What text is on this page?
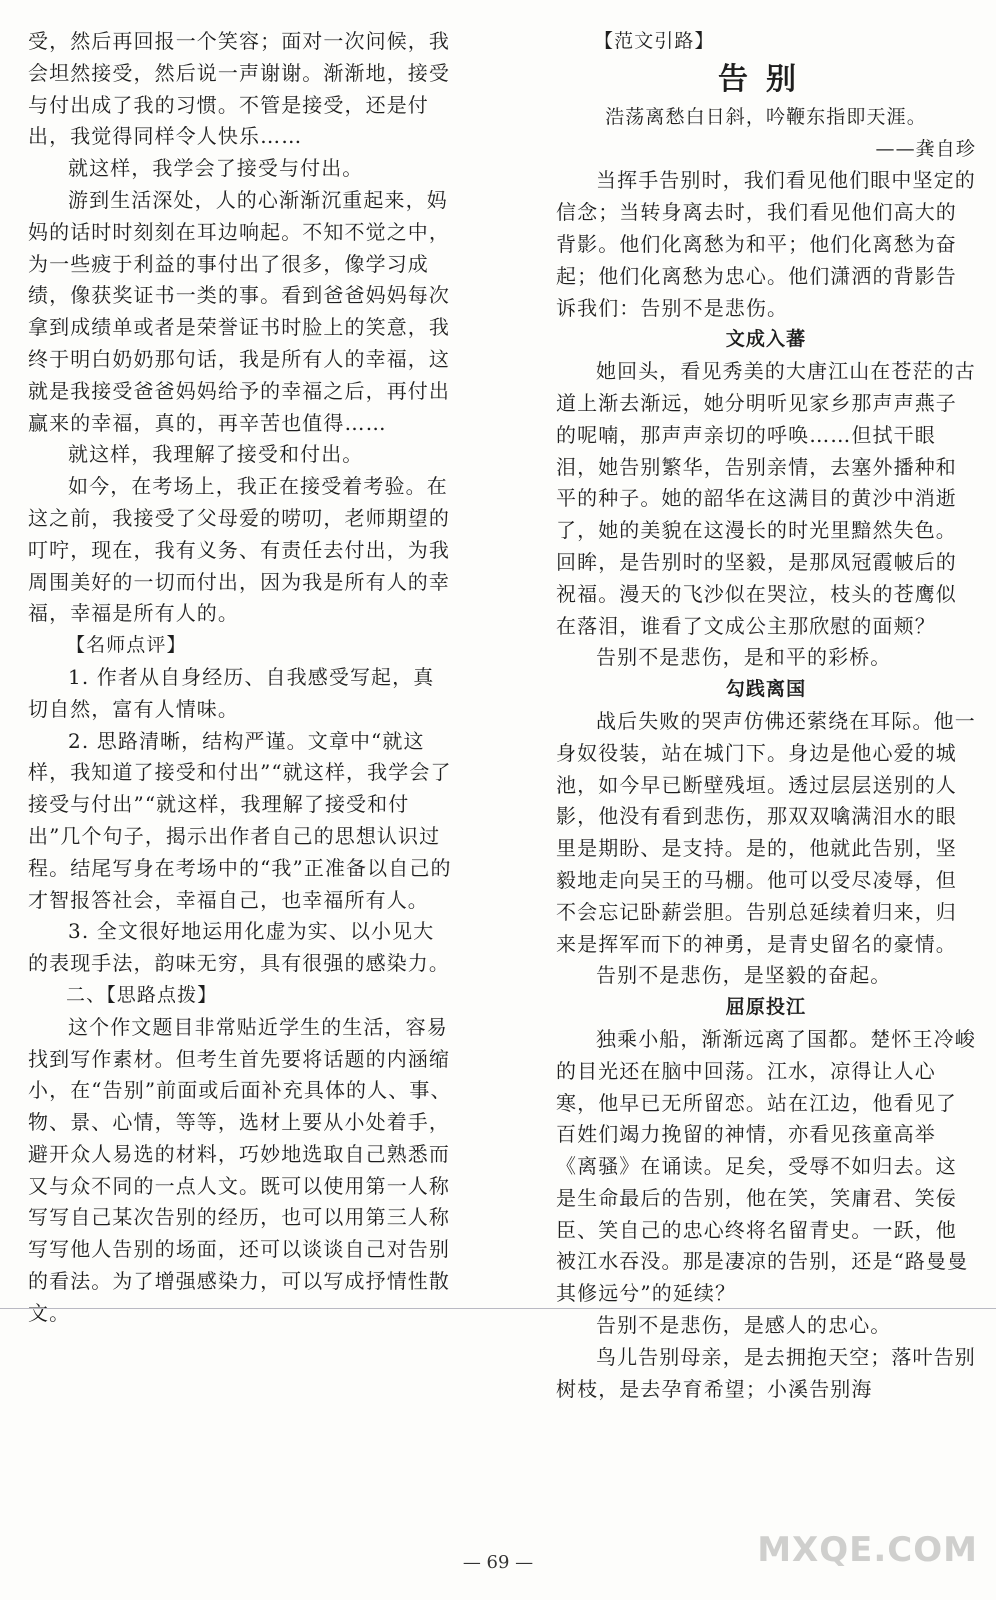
受，然后再回报一个笑容；面对一次问候，我会坦然接受，然后说一声谢谢。渐渐地，接受与付出成了我的习惯。不管是接受，还是付出，我觉得同样令人快乐……

就这样，我学会了接受与付出。

游到生活深处，人的心渐渐沉重起来，妈妈的话时时刻刻在耳边响起。不知不觉之中，为一些疲于利益的事付出了很多，像学习成绩，像获奖证书一类的事。看到爸爸妈妈每次拿到成绩单或者是荣誉证书时脸上的笑意，我终于明白奶奶那句话，我是所有人的幸福，这就是我接受爸爸妈妈给予的幸福之后，再付出赢来的幸福，真的，再辛苦也值得……

就这样，我理解了接受和付出。

如今，在考场上，我正在接受着考验。在这之前，我接受了父母爱的唠叨，老师期望的叮咛，现在，我有义务、有责任去付出，为我周围美好的一切而付出，因为我是所有人的幸福，幸福是所有人的。

【名师点评】

1. 作者从自身经历、自我感受写起，真切自然，富有人情味。

2. 思路清晰，结构严谨。文章中“就这样，我知道了接受和付出”“就这样，我学会了接受与付出”“就这样，我理解了接受和付出”几个句子，揭示出作者自己的思想认识过程。结尾写身在考场中的“我”正准备以自己的才智报答社会，幸福自己，也幸福所有人。

3. 全文很好地运用化虚为实、以小见大的表现手法，韵味无穷，具有很强的感染力。

二、【思路点拨】

这个作文题目非常贴近学生的生活，容易找到写作素材。但考生首先要将话题的内涵缩小，在“告别”前面或后面补充具体的人、事、物、景、心情，等等，选材上要从小处着手，避开众人易选的材料，巧妙地选取自己熟悉而又与众不同的一点人文。既可以使用第一人称写写自己某次告别的经历，也可以用第三人称写写他人告别的场面，还可以谈谈自己对告别的看法。为了增强感染力，可以写成抒情性散文。

【范文引路】

告别

浩荡离愁白日斜，吟鞭东指即天涯。

——龚自珍

当挥手告别时，我们看见他们眼中坚定的信念；当转身离去时，我们看见他们高大的背影。他们化离愁为和平；他们化离愁为奋起；他们化离愁为忠心。他们潇洒的背影告诉我们：告别不是悲伤。

文成入蕃

她回头，看见秀美的大唐江山在苍茫的古道上渐去渐远，她分明听见家乡那声声燕子的呢喃，那声声亲切的呼唤……但拭干眼泪，她告别繁华，告别亲情，去塞外播种和平的种子。她的韶华在这满目的黄沙中消逝了，她的美貌在这漫长的时光里黯然失色。回眸，是告别时的坚毅，是那凤冠霞帔后的祝福。漫天的飞沙似在哭泣，枝头的苍鹰似在落泪，谁看了文成公主那欣慰的面颊？

告别不是悲伤，是和平的彩桥。

勾践离国

战后失败的哭声仿佛还萦绕在耳际。他一身奴役装，站在城门下。身边是他心爱的城池，如今早已断壁残垣。透过层层送别的人影，他没有看到悲伤，那双双噙满泪水的眼里是期盼、是支持。是的，他就此告别，坚毅地走向吴王的马棚。他可以受尽凌辱，但不会忘记卧薪尝胆。告别总延续着归来，归来是挥军而下的神勇，是青史留名的豪情。

告别不是悲伤，是坚毅的奋起。

屈原投江

独乘小船，渐渐远离了国都。楚怀王冷峻的目光还在脑中回荡。江水，凉得让人心寒，他早已无所留恋。站在江边，他看见了百姓们竭力挽留的神情，亦看见孩童高举《离骚》在诵读。足矣，受辱不如归去。这是生命最后的告别，他在笑，笑庸君、笑佞臣、笑自己的忠心终将名留青史。一跃，他被江水吞没。那是凄凉的告别，还是“路曼曼其修远兮”的延续？

告别不是悲伤，是感人的忠心。

鸟儿告别母亲，是去拥抱天空；落叶告别树枝，是去孕育希望；小溪告别海

— 69 —	MXQE.COM
